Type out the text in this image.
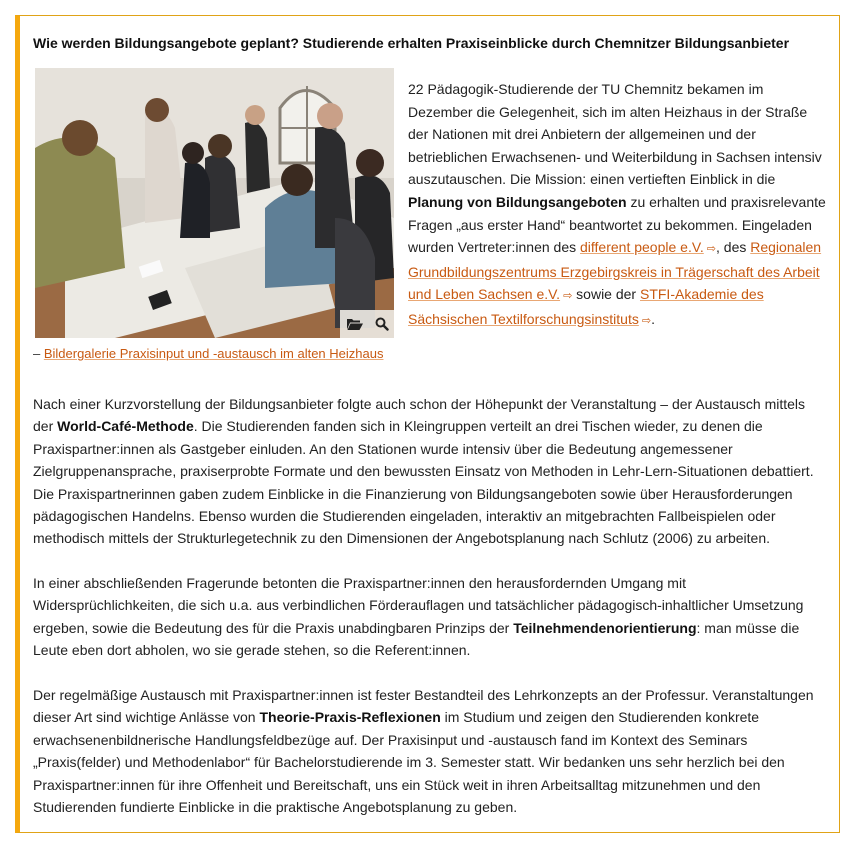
Wie werden Bildungsangebote geplant? Studierende erhalten Praxiseinblicke durch Chemnitzer Bildungsanbieter
– Bildergalerie Praxisinput und -austausch im alten Heizhaus

22 Pädagogik-Studierende der TU Chemnitz bekamen im Dezember die Gelegenheit, sich im alten Heizhaus in der Straße der Nationen mit drei Anbietern der allgemeinen und der betrieblichen Erwachsenen- und Weiterbildung in Sachsen intensiv auszutauschen. Die Mission: einen vertieften Einblick in die Planung von Bildungsangeboten zu erhalten und praxisrelevante Fragen „aus erster Hand“ beantwortet zu bekommen. Eingeladen wurden Vertreter:innen des different people e.V. ⇨, des Regionalen Grundbildungszentrums Erzgebirgskreis in Trägerschaft des Arbeit und Leben Sachsen e.V. ⇨ sowie der STFI-Akademie des Sächsischen Textilforschungsinstituts ⇨.

Nach einer Kurzvorstellung der Bildungsanbieter folgte auch schon der Höhepunkt der Veranstaltung – der Austausch mittels der World-Café-Methode. Die Studierenden fanden sich in Kleingruppen verteilt an drei Tischen wieder, zu denen die Praxispartner:innen als Gastgeber einluden. An den Stationen wurde intensiv über die Bedeutung angemessener Zielgruppenansprache, praxiserprobte Formate und den bewussten Einsatz von Methoden in Lehr-Lern-Situationen debattiert. Die Praxispartnerinnen gaben zudem Einblicke in die Finanzierung von Bildungsangeboten sowie über Herausforderungen pädagogischen Handelns. Ebenso wurden die Studierenden eingeladen, interaktiv an mitgebrachten Fallbeispielen oder methodisch mittels der Strukturlegetechnik zu den Dimensionen der Angebotsplanung nach Schlutz (2006) zu arbeiten.

In einer abschließenden Fragerunde betonten die Praxispartner:innen den herausfordernden Umgang mit Widersprüchlichkeiten, die sich u.a. aus verbindlichen Förderauflagen und tatsächlicher pädagogisch-inhaltlicher Umsetzung ergeben, sowie die Bedeutung des für die Praxis unabdingbaren Prinzips der Teilnehmendenorientierung: man müsse die Leute eben dort abholen, wo sie gerade stehen, so die Referent:innen.

Der regelmäßige Austausch mit Praxispartner:innen ist fester Bestandteil des Lehrkonzepts an der Professur. Veranstaltungen dieser Art sind wichtige Anlässe von Theorie-Praxis-Reflexionen im Studium und zeigen den Studierenden konkrete erwachsenenbildnerische Handlungsfeldbezüge auf. Der Praxisinput und -austausch fand im Kontext des Seminars „Praxis(felder) und Methodenlabor“ für Bachelorstudierende im 3. Semester statt. Wir bedanken uns sehr herzlich bei den Praxispartner:innen für ihre Offenheit und Bereitschaft, uns ein Stück weit in ihren Arbeitsalltag mitzunehmen und den Studierenden fundierte Einblicke in die praktische Angebotsplanung zu geben.
